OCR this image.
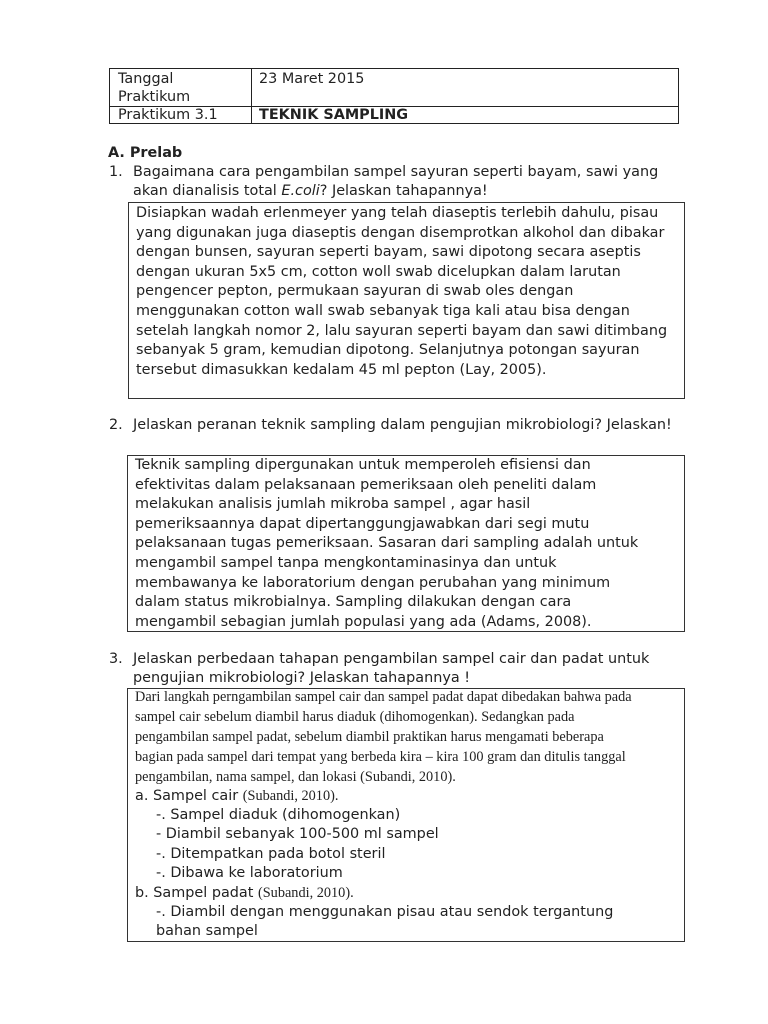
Tanggal Praktikum
23 Maret 2015
Praktikum 3.1	TEKNIK SAMPLING
A. Prelab
1. Bagaimana cara pengambilan sampel sayuran seperti bayam, sawi yang akan dianalisis total E.coli? Jelaskan tahapannya!
Disiapkan wadah erlenmeyer yang telah diaseptis terlebih dahulu, pisau yang digunakan juga diaseptis dengan disemprotkan alkohol dan dibakar dengan bunsen, sayuran seperti bayam, sawi dipotong secara aseptis dengan ukuran 5x5 cm, cotton woll swab dicelupkan dalam larutan pengencer pepton, permukaan sayuran di swab oles dengan menggunakan cotton wall swab sebanyak tiga kali atau bisa dengan setelah langkah nomor 2, lalu sayuran seperti bayam dan sawi ditimbang sebanyak 5 gram, kemudian dipotong. Selanjutnya potongan sayuran tersebut dimasukkan kedalam 45 ml pepton (Lay, 2005).
2. Jelaskan peranan teknik sampling dalam pengujian mikrobiologi? Jelaskan!
Teknik sampling dipergunakan untuk memperoleh efisiensi dan efektivitas dalam pelaksanaan pemeriksaan oleh peneliti dalam melakukan analisis jumlah mikroba sampel , agar hasil pemeriksaannya dapat dipertanggungjawabkan dari segi mutu pelaksanaan tugas pemeriksaan. Sasaran dari sampling adalah untuk mengambil sampel tanpa mengkontaminasinya dan untuk membawanya ke laboratorium dengan perubahan yang minimum dalam status mikrobialnya. Sampling dilakukan dengan cara mengambil sebagian jumlah populasi yang ada (Adams, 2008).
3. Jelaskan perbedaan tahapan pengambilan sampel cair dan padat untuk pengujian mikrobiologi? Jelaskan tahapannya !
Dari langkah perngambilan sampel cair dan sampel padat dapat dibedakan bahwa pada
sampel cair sebelum diambil harus diaduk (dihomogenkan). Sedangkan pada
pengambilan sampel padat, sebelum diambil praktikan harus mengamati beberapa
bagian pada sampel dari tempat yang berbeda kira – kira 100 gram dan ditulis tanggal
pengambilan, nama sampel, dan lokasi (Subandi, 2010).
a. Sampel cair (Subandi, 2010).
-. Sampel diaduk (dihomogenkan)
- Diambil sebanyak 100-500 ml sampel
-. Ditempatkan pada botol steril
-. Dibawa ke laboratorium
b. Sampel padat (Subandi, 2010).
-. Diambil dengan menggunakan pisau atau sendok tergantung
bahan sampel
